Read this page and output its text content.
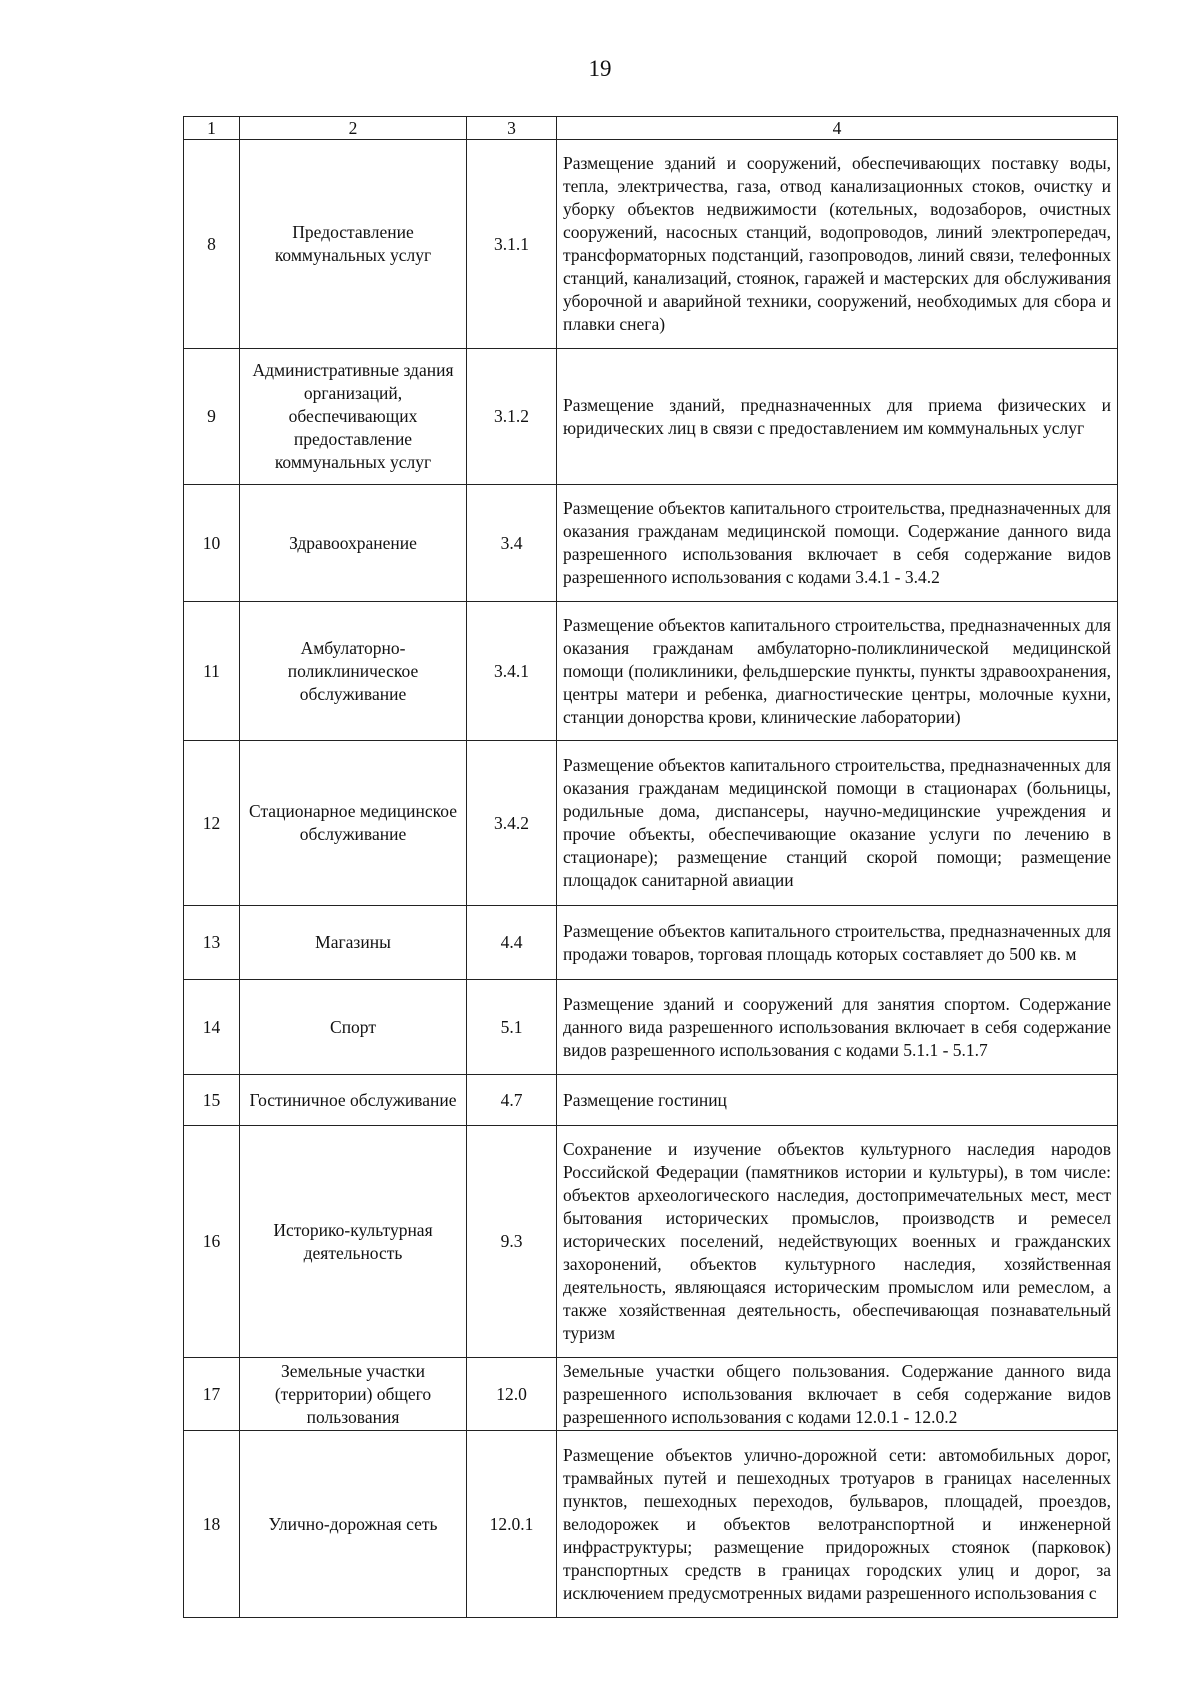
19
1	2	3	4
8	Предоставление коммунальных услуг	3.1.1	Размещение зданий и сооружений, обеспечивающих поставку воды, тепла, электричества, газа, отвод канализационных стоков, очистку и уборку объектов недвижимости (котельных, водозаборов, очистных сооружений, насосных станций, водопроводов, линий электропередач, трансформаторных подстанций, газопроводов, линий связи, телефонных станций, канализаций, стоянок, гаражей и мастерских для обслуживания уборочной и аварийной техники, сооружений, необходимых для сбора и плавки снега)
9	Административные здания организаций, обеспечивающих предоставление коммунальных услуг	3.1.2	Размещение зданий, предназначенных для приема физических и юридических лиц в связи с предоставлением им коммунальных услуг
10	Здравоохранение	3.4	Размещение объектов капитального строительства, предназначенных для оказания гражданам медицинской помощи. Содержание данного вида разрешенного использования включает в себя содержание видов разрешенного использования с кодами 3.4.1 - 3.4.2
11	Амбулаторно-поликлиническое обслуживание	3.4.1	Размещение объектов капитального строительства, предназначенных для оказания гражданам амбулаторно-поликлинической медицинской помощи (поликлиники, фельдшерские пункты, пункты здравоохранения, центры матери и ребенка, диагностические центры, молочные кухни, станции донорства крови, клинические лаборатории)
12	Стационарное медицинское обслуживание	3.4.2	Размещение объектов капитального строительства, предназначенных для оказания гражданам медицинской помощи в стационарах (больницы, родильные дома, диспансеры, научно-медицинские учреждения и прочие объекты, обеспечивающие оказание услуги по лечению в стационаре); размещение станций скорой помощи; размещение площадок санитарной авиации
13	Магазины	4.4	Размещение объектов капитального строительства, предназначенных для продажи товаров, торговая площадь которых составляет до 500 кв. м
14	Спорт	5.1	Размещение зданий и сооружений для занятия спортом. Содержание данного вида разрешенного использования включает в себя содержание видов разрешенного использования с кодами 5.1.1 - 5.1.7
15	Гостиничное обслуживание	4.7	Размещение гостиниц
16	Историко-культурная деятельность	9.3	Сохранение и изучение объектов культурного наследия народов Российской Федерации (памятников истории и культуры), в том числе: объектов археологического наследия, достопримечательных мест, мест бытования исторических промыслов, производств и ремесел исторических поселений, недействующих военных и гражданских захоронений, объектов культурного наследия, хозяйственная деятельность, являющаяся историческим промыслом или ремеслом, а также хозяйственная деятельность, обеспечивающая познавательный туризм
17	Земельные участки (территории) общего пользования	12.0	Земельные участки общего пользования. Содержание данного вида разрешенного использования включает в себя содержание видов разрешенного использования с кодами 12.0.1 - 12.0.2
18	Улично-дорожная сеть	12.0.1	Размещение объектов улично-дорожной сети: автомобильных дорог, трамвайных путей и пешеходных тротуаров в границах населенных пунктов, пешеходных переходов, бульваров, площадей, проездов, велодорожек и объектов велотранспортной и инженерной инфраструктуры; размещение придорожных стоянок (парковок) транспортных средств в границах городских улиц и дорог, за исключением предусмотренных видами разрешенного использования с
